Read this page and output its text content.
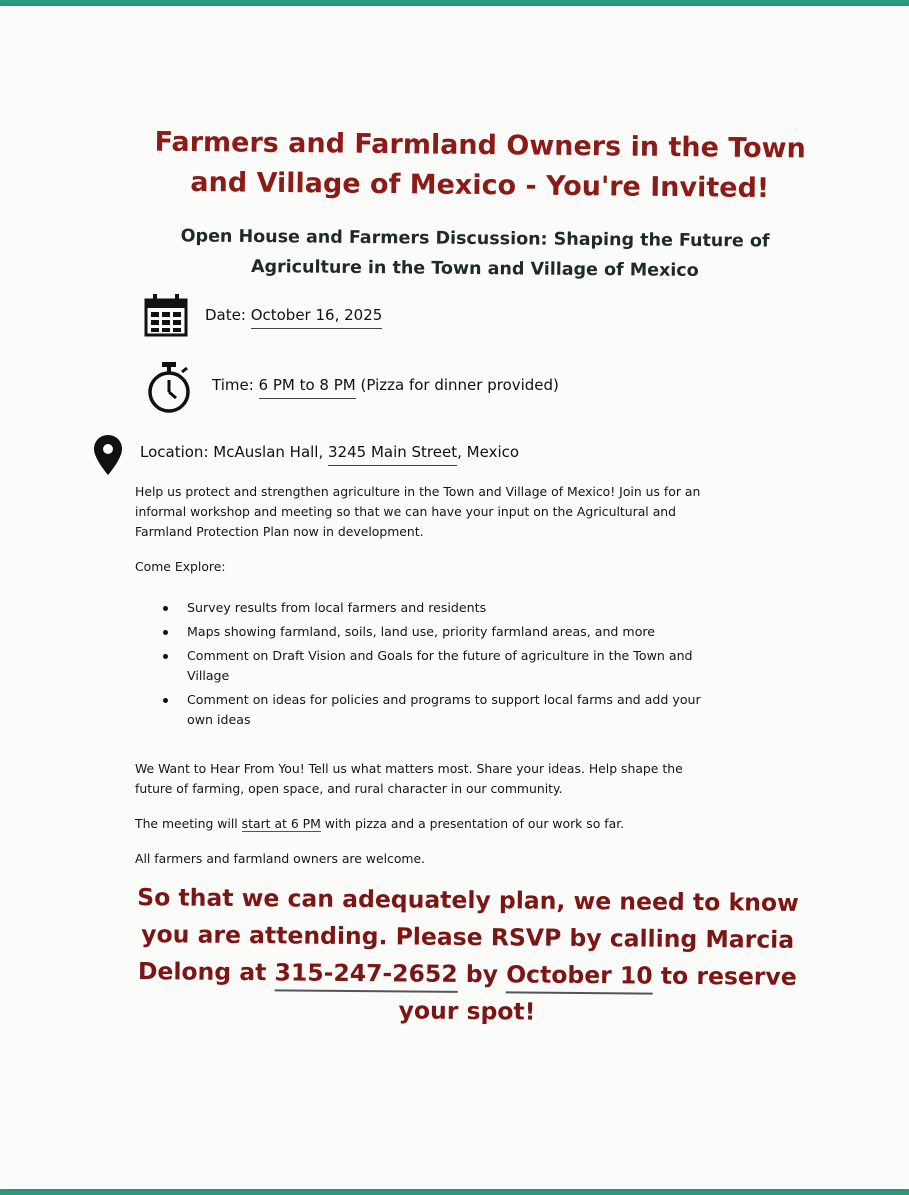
Farmers and Farmland Owners in the Town
and Village of Mexico - You're Invited!
Open House and Farmers Discussion: Shaping the Future of
Agriculture in the Town and Village of Mexico
Date: October 16, 2025
Time: 6 PM to 8 PM (Pizza for dinner provided)
Location: McAuslan Hall, 3245 Main Street, Mexico
Help us protect and strengthen agriculture in the Town and Village of Mexico! Join us for an
informal workshop and meeting so that we can have your input on the Agricultural and
Farmland Protection Plan now in development.
Come Explore:
Survey results from local farmers and residents
Maps showing farmland, soils, land use, priority farmland areas, and more
Comment on Draft Vision and Goals for the future of agriculture in the Town and
Village
Comment on ideas for policies and programs to support local farms and add your
own ideas
We Want to Hear From You! Tell us what matters most. Share your ideas. Help shape the
future of farming, open space, and rural character in our community.
The meeting will start at 6 PM with pizza and a presentation of our work so far.
All farmers and farmland owners are welcome.
So that we can adequately plan, we need to know
you are attending. Please RSVP by calling Marcia
Delong at 315-247-2652 by October 10 to reserve
your spot!
